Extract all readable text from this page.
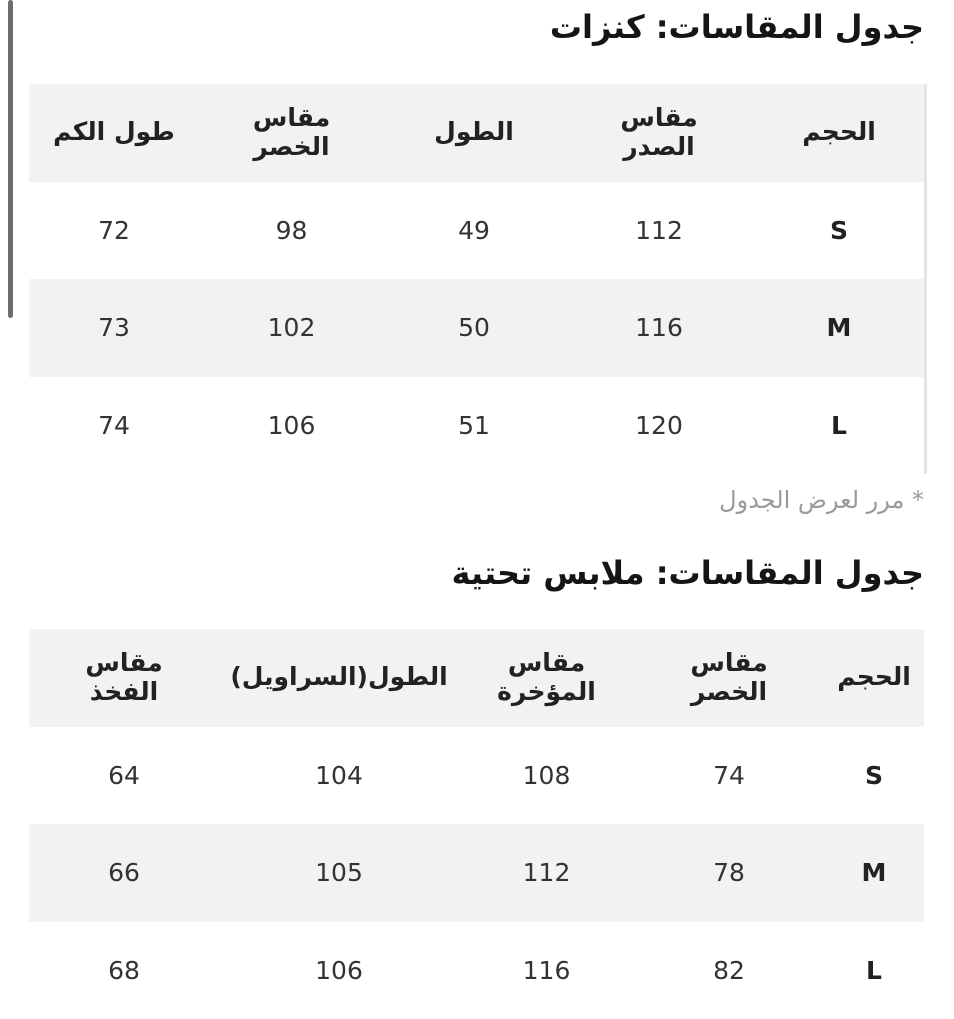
جدول المقاسات: كنزات
الحجم
مقاس
الصدر
الطول
مقاس
الخصر
طول الكم
S
112
49
98
72
M
116
50
102
73
L
120
51
106
74

* مرر لعرض الجدول

جدول المقاسات: ملابس تحتية
الحجم
مقاس
الخصر
مقاس
المؤخرة
الطول(السراويل)
مقاس
الفخذ
S
74
108
104
64
M
78
112
105
66
L
82
116
106
68
